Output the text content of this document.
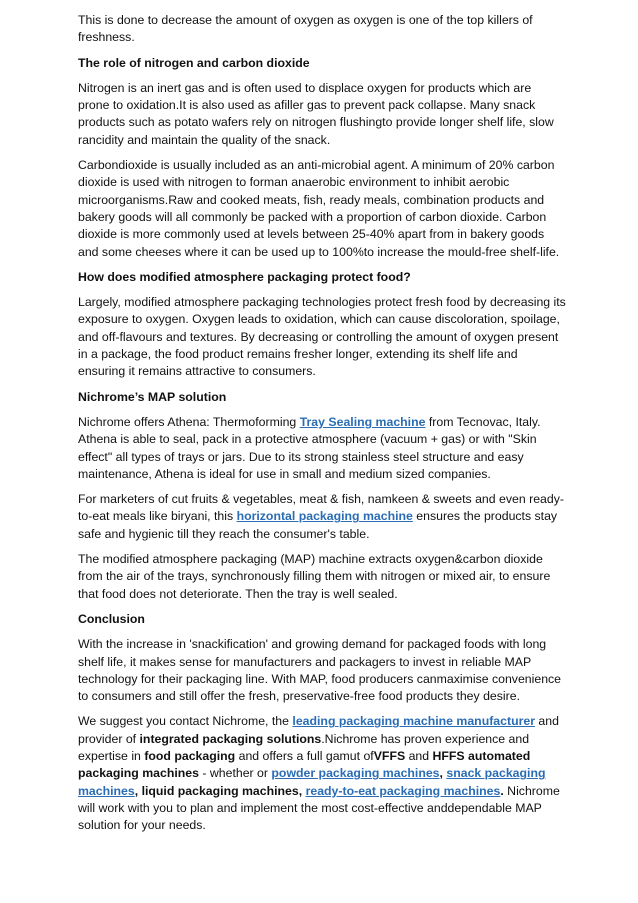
This is done to decrease the amount of oxygen as oxygen is one of the top killers of freshness.

The role of nitrogen and carbon dioxide

Nitrogen is an inert gas and is often used to displace oxygen for products which are prone to oxidation.It is also used as afiller gas to prevent pack collapse. Many snack products such as potato wafers rely on nitrogen flushingto provide longer shelf life, slow rancidity and maintain the quality of the snack.

Carbondioxide is usually included as an anti-microbial agent. A minimum of 20% carbon dioxide is used with nitrogen to forman anaerobic environment to inhibit aerobic microorganisms.Raw and cooked meats, fish, ready meals, combination products and bakery goods will all commonly be packed with a proportion of carbon dioxide. Carbon dioxide is more commonly used at levels between 25-40% apart from in bakery goods and some cheeses where it can be used up to 100%to increase the mould-free shelf-life.

How does modified atmosphere packaging protect food?

Largely, modified atmosphere packaging technologies protect fresh food by decreasing its exposure to oxygen. Oxygen leads to oxidation, which can cause discoloration, spoilage, and off-flavours and textures. By decreasing or controlling the amount of oxygen present in a package, the food product remains fresher longer, extending its shelf life and ensuring it remains attractive to consumers.

Nichrome’s MAP solution

Nichrome offers Athena: Thermoforming Tray Sealing machine from Tecnovac, Italy. Athena is able to seal, pack in a protective atmosphere (vacuum + gas) or with "Skin effect" all types of trays or jars. Due to its strong stainless steel structure and easy maintenance, Athena is ideal for use in small and medium sized companies.

For marketers of cut fruits & vegetables, meat & fish, namkeen & sweets and even ready-to-eat meals like biryani, this horizontal packaging machine ensures the products stay safe and hygienic till they reach the consumer's table.

The modified atmosphere packaging (MAP) machine extracts oxygen&carbon dioxide from the air of the trays, synchronously filling them with nitrogen or mixed air, to ensure that food does not deteriorate. Then the tray is well sealed.

Conclusion

With the increase in 'snackification' and growing demand for packaged foods with long shelf life, it makes sense for manufacturers and packagers to invest in reliable MAP technology for their packaging line. With MAP, food producers canmaximise convenience to consumers and still offer the fresh, preservative-free food products they desire.

We suggest you contact Nichrome, the leading packaging machine manufacturer and provider of integrated packaging solutions.Nichrome has proven experience and expertise in food packaging and offers a full gamut ofVFFS and HFFS automated packaging machines - whether or powder packaging machines, snack packaging machines, liquid packaging machines, ready-to-eat packaging machines. Nichrome will work with you to plan and implement the most cost-effective anddependable MAP solution for your needs.
